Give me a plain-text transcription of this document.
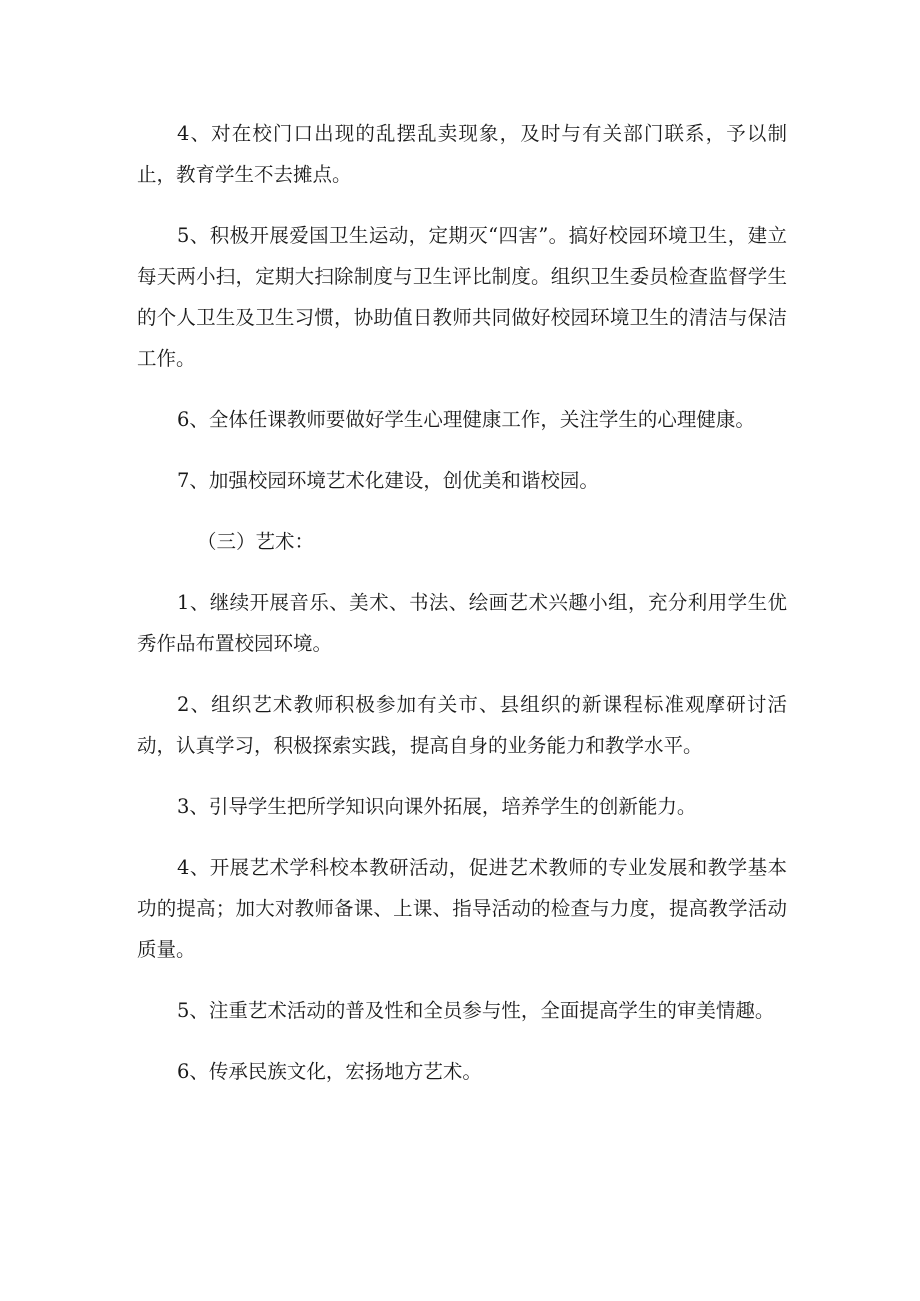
4、对在校门口出现的乱摆乱卖现象，及时与有关部门联系，予以制止，教育学生不去摊点。

5、积极开展爱国卫生运动，定期灭“四害”。搞好校园环境卫生，建立每天两小扫，定期大扫除制度与卫生评比制度。组织卫生委员检查监督学生的个人卫生及卫生习惯，协助值日教师共同做好校园环境卫生的清洁与保洁工作。

6、全体任课教师要做好学生心理健康工作，关注学生的心理健康。

7、加强校园环境艺术化建设，创优美和谐校园。

（三）艺术：

1、继续开展音乐、美术、书法、绘画艺术兴趣小组，充分利用学生优秀作品布置校园环境。

2、组织艺术教师积极参加有关市、县组织的新课程标准观摩研讨活动，认真学习，积极探索实践，提高自身的业务能力和教学水平。

3、引导学生把所学知识向课外拓展，培养学生的创新能力。

4、开展艺术学科校本教研活动，促进艺术教师的专业发展和教学基本功的提高；加大对教师备课、上课、指导活动的检查与力度，提高教学活动质量。

5、注重艺术活动的普及性和全员参与性，全面提高学生的审美情趣。

6、传承民族文化，宏扬地方艺术。
